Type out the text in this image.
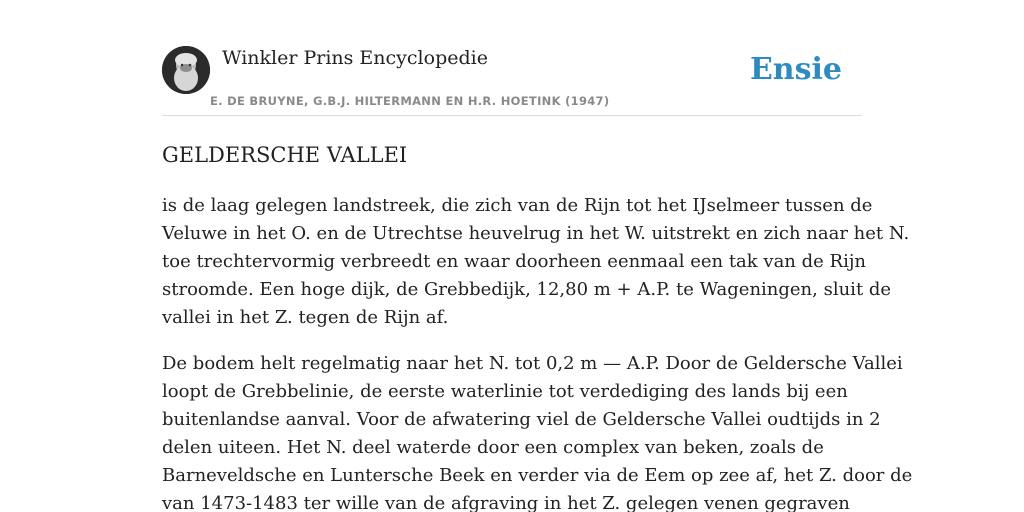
Winkler Prins Encyclopedie
E. DE BRUYNE, G.B.J. HILTERMANN EN H.R. HOETINK (1947)
Ensie
GELDERSCHE VALLEI

is de laag gelegen landstreek, die zich van de Rijn tot het IJselmeer tussen de
Veluwe in het O. en de Utrechtse heuvelrug in het W. uitstrekt en zich naar het N.
toe trechtervormig verbreedt en waar doorheen eenmaal een tak van de Rijn
stroomde. Een hoge dijk, de Grebbedijk, 12,80 m + A.P. te Wageningen, sluit de
vallei in het Z. tegen de Rijn af.

De bodem helt regelmatig naar het N. tot 0,2 m — A.P. Door de Geldersche Vallei
loopt de Grebbelinie, de eerste waterlinie tot verdediging des lands bij een
buitenlandse aanval. Voor de afwatering viel de Geldersche Vallei oudtijds in 2
delen uiteen. Het N. deel waterde door een complex van beken, zoals de
Barneveldsche en Luntersche Beek en verder via de Eem op zee af, het Z. door de
van 1473-1483 ter wille van de afgraving in het Z. gelegen venen gegraven
